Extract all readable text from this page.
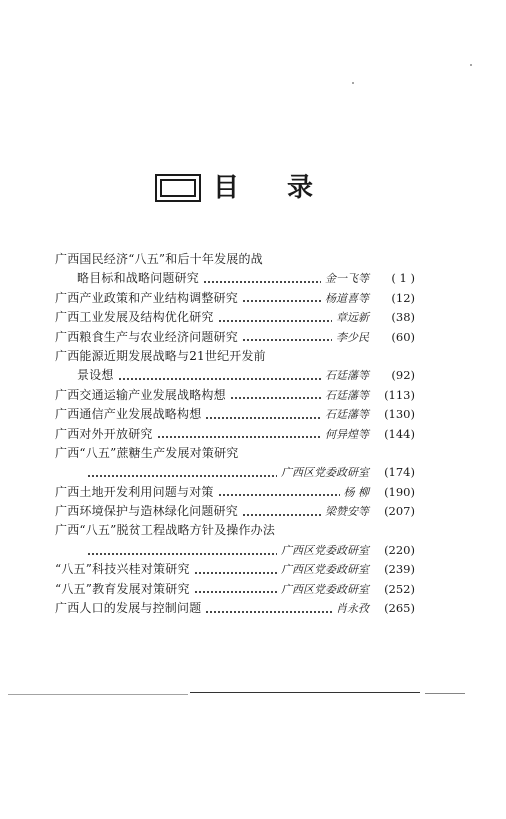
目 录
广西国民经济“八五”和后十年发展的战
略目标和战略问题研究	金一飞等	( 1 )
广西产业政策和产业结构调整研究	杨道喜等	(12)
广西工业发展及结构优化研究	章远新	(38)
广西粮食生产与农业经济问题研究	李少民	(60)
广西能源近期发展战略与21世纪开发前
景设想	石廷藩等	(92)
广西交通运输产业发展战略构想	石廷藩等	(113)
广西通信产业发展战略构想	石廷藩等	(130)
广西对外开放研究	何异煌等	(144)
广西“八五”蔗糖生产发展对策研究
广西区党委政研室	(174)
广西土地开发利用问题与对策	杨 柳	(190)
广西环境保护与造林绿化问题研究	梁赞安等	(207)
广西“八五”脱贫工程战略方针及操作办法
广西区党委政研室	(220)
“八五”科技兴桂对策研究	广西区党委政研室	(239)
“八五”教育发展对策研究	广西区党委政研室	(252)
广西人口的发展与控制问题	肖永孜	(265)
